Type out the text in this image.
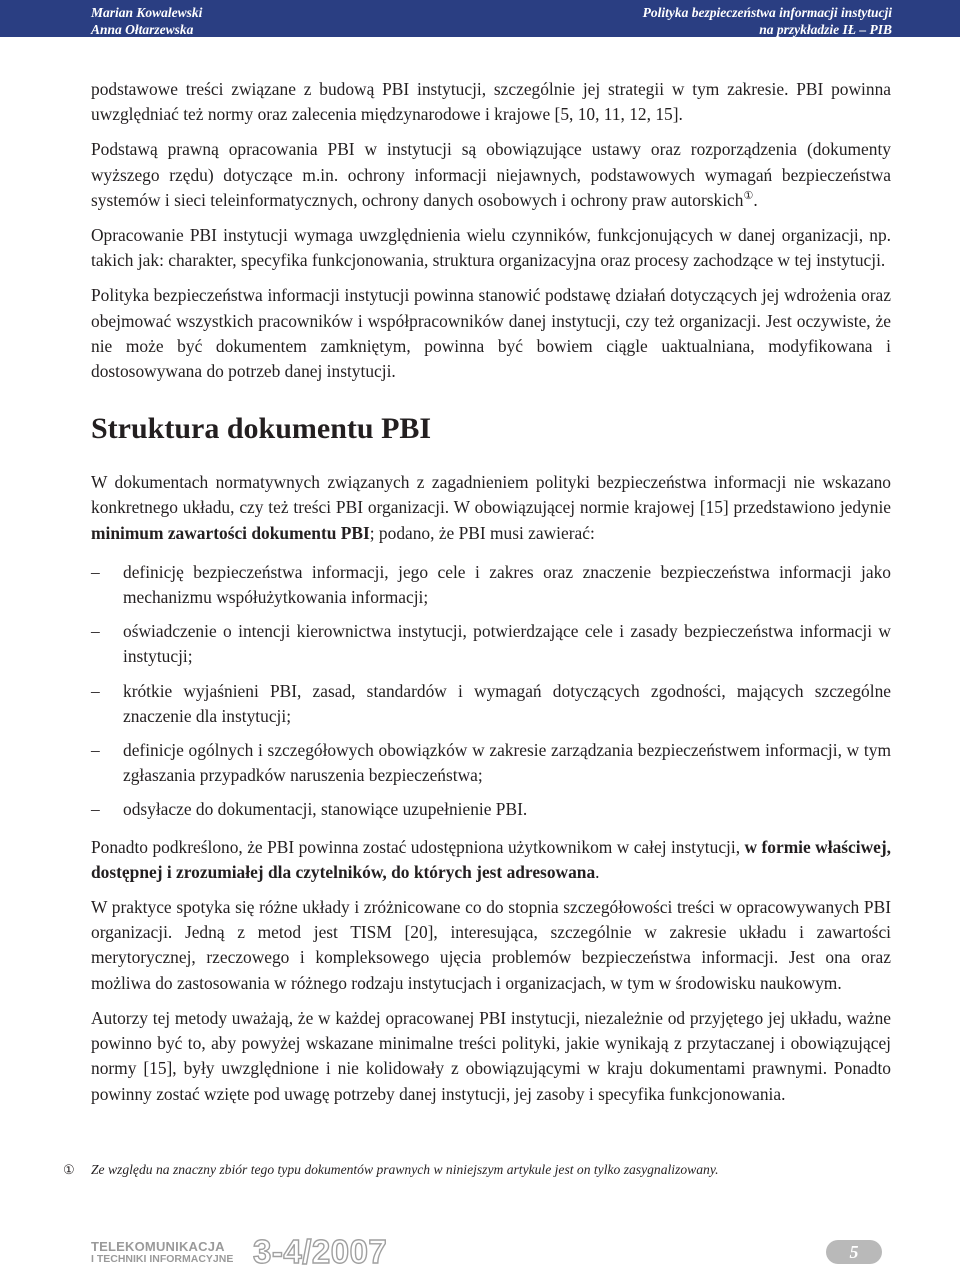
Marian Kowalewski
Anna Ołtarzewska
Polityka bezpieczeństwa informacji instytucji
na przykładzie IŁ – PIB

podstawowe treści związane z budową PBI instytucji, szczególnie jej strategii w tym zakresie. PBI powinna uwzględniać też normy oraz zalecenia międzynarodowe i krajowe [5, 10, 11, 12, 15].

Podstawą prawną opracowania PBI w instytucji są obowiązujące ustawy oraz rozporządzenia (dokumenty wyższego rzędu) dotyczące m.in. ochrony informacji niejawnych, podstawowych wymagań bezpieczeństwa systemów i sieci teleinformatycznych, ochrony danych osobowych i ochrony praw autorskich①.

Opracowanie PBI instytucji wymaga uwzględnienia wielu czynników, funkcjonujących w danej organizacji, np. takich jak: charakter, specyfika funkcjonowania, struktura organizacyjna oraz procesy zachodzące w tej instytucji.

Polityka bezpieczeństwa informacji instytucji powinna stanowić podstawę działań dotyczących jej wdrożenia oraz obejmować wszystkich pracowników i współpracowników danej instytucji, czy też organizacji. Jest oczywiste, że nie może być dokumentem zamkniętym, powinna być bowiem ciągle uaktualniana, modyfikowana i dostosowywana do potrzeb danej instytucji.

Struktura dokumentu PBI

W dokumentach normatywnych związanych z zagadnieniem polityki bezpieczeństwa informacji nie wskazano konkretnego układu, czy też treści PBI organizacji. W obowiązującej normie krajowej [15] przedstawiono jedynie minimum zawartości dokumentu PBI; podano, że PBI musi zawierać:

– definicję bezpieczeństwa informacji, jego cele i zakres oraz znaczenie bezpieczeństwa informacji jako mechanizmu współużytkowania informacji;
– oświadczenie o intencji kierownictwa instytucji, potwierdzające cele i zasady bezpieczeństwa informacji w instytucji;
– krótkie wyjaśnieni PBI, zasad, standardów i wymagań dotyczących zgodności, mających szczególne znaczenie dla instytucji;
– definicje ogólnych i szczegółowych obowiązków w zakresie zarządzania bezpieczeństwem informacji, w tym zgłaszania przypadków naruszenia bezpieczeństwa;
– odsyłacze do dokumentacji, stanowiące uzupełnienie PBI.

Ponadto podkreślono, że PBI powinna zostać udostępniona użytkownikom w całej instytucji, w formie właściwej, dostępnej i zrozumiałej dla czytelników, do których jest adresowana.

W praktyce spotyka się różne układy i zróżnicowane co do stopnia szczegółowości treści w opracowywanych PBI organizacji. Jedną z metod jest TISM [20], interesująca, szczególnie w zakresie układu i zawartości merytorycznej, rzeczowego i kompleksowego ujęcia problemów bezpieczeństwa informacji. Jest ona oraz możliwa do zastosowania w różnego rodzaju instytucjach i organizacjach, w tym w środowisku naukowym.

Autorzy tej metody uważają, że w każdej opracowanej PBI instytucji, niezależnie od przyjętego jej układu, ważne powinno być to, aby powyżej wskazane minimalne treści polityki, jakie wynikają z przytaczanej i obowiązującej normy [15], były uwzględnione i nie kolidowały z obowiązującymi w kraju dokumentami prawnymi. Ponadto powinny zostać wzięte pod uwagę potrzeby danej instytucji, jej zasoby i specyfika funkcjonowania.

① Ze względu na znaczny zbiór tego typu dokumentów prawnych w niniejszym artykule jest on tylko zasygnalizowany.
TELEKOMUNIKACJA
I TECHNIKI INFORMACYJNE 3-4/2007	5
